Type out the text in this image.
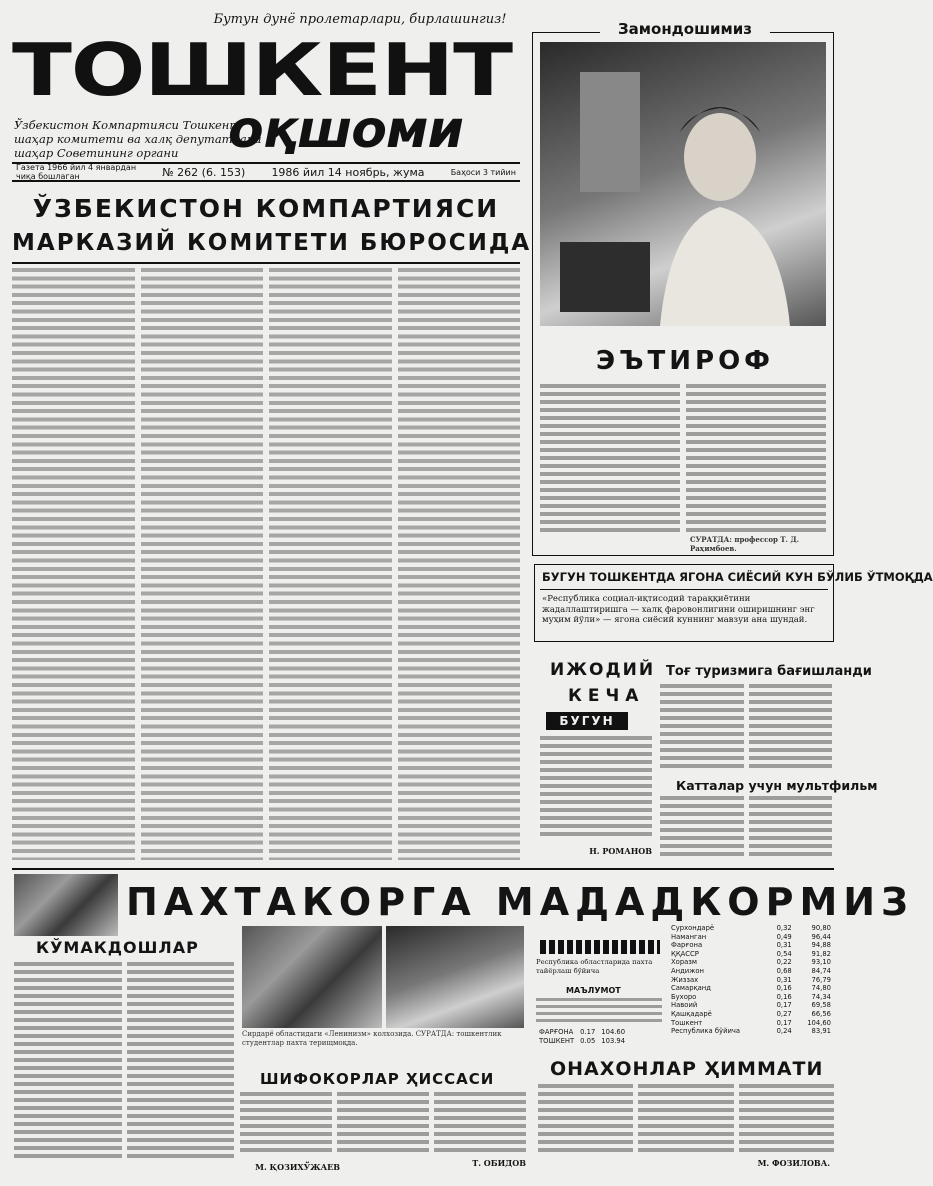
Бутун дунё пролетарлари, бирлашингиз!
ТОШКЕНТ
оқшоми
Ўзбекистон Компартияси Тошкент
шаҳар комитети ва халқ депутатлари
шаҳар Советининг органи
Газета 1966 йил 4 январдан
чиқа бошлаган	№ 262 (6. 153) 1986 йил 14 ноябрь, жума	Баҳоси 3 тийин
ЎЗБЕКИСТОН КОМПАРТИЯСИ
МАРКАЗИЙ КОМИТЕТИ БЮРОСИДА
Замондошимиз
ЭЪТИРОФ
СУРАТДА: профессор Т. Д. Раҳимбоев.
БУГУН ТОШКЕНТДА ЯГОНА СИЁСИЙ КУН БЎЛИБ ЎТМОҚДА
«Республика социал-иқтисодий тараққиётини жадаллаштиришга — халқ фаровонлигини оширишнинг энг муҳим йўли» — ягона сиёсий куннинг мавзуи ана шундай.
ИЖОДИЙ
КЕЧА
БУГУН
Н. РОМАНОВ
Тоғ туризмига бағишланди
Катталар учун мультфильм
ПАХТАКОРГА МАДАДКОРМИЗ
КЎМАКДОШЛАР
М. ҚОЗИХЎЖАЕВ
Сирдарё областидаги «Ленинизм» колхозида. СУРАТДА: тошкентлик студентлар пахта терищмоқда.
ШИФОКОРЛАР ҲИССАСИ
Т. ОБИДОВ
Республика областларида пахта тайёрлаш бўйича
МАЪЛУМОТ
ФАРҒОНА	0.17	104.60
ТОШКЕНТ	0.05	103.94
Сурхондарё	0,32	90,80
Наманган	0,49	96,44
Фарғона	0,31	94,88
ҚҚАССР	0,54	91,82
Хоразм	0,22	93,10
Андижон	0,68	84,74
Жиззах	0,31	76,79
Самарқанд	0,16	74,80
Бухоро	0,16	74,34
Навоий	0,17	69,58
Қашқадарё	0,27	66,56
Тошкент	0,17	104,60
Республика бўйича	0,24	83,91
ОНАХОНЛАР ҲИММАТИ
М. ФОЗИЛОВА.
